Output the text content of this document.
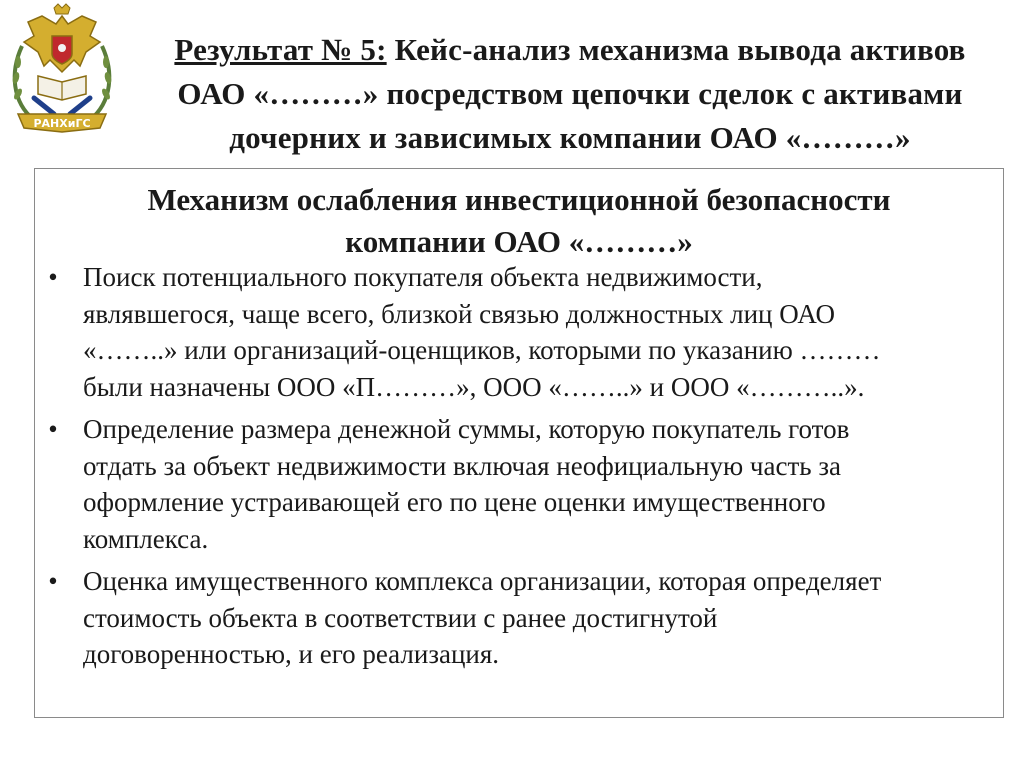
РАНХиГС
Результат № 5: Кейс-анализ механизма вывода активов
ОАО «………» посредством цепочки сделок с активами
дочерних и зависимых компании ОАО «………»
Механизм ослабления инвестиционной безопасности
компании ОАО «………»
• Поиск потенциального покупателя объекта недвижимости,
являвшегося, чаще всего, близкой связью должностных лиц ОАО
«……..» или организаций-оценщиков, которыми по указанию ………
были назначены ООО «П………», ООО «……..» и ООО «………..».
• Определение размера денежной суммы, которую покупатель готов
отдать за объект недвижимости включая неофициальную часть за
оформление устраивающей его по цене оценки имущественного
комплекса.
• Оценка имущественного комплекса организации, которая определяет
стоимость объекта в соответствии с ранее достигнутой
договоренностью, и его реализация.
